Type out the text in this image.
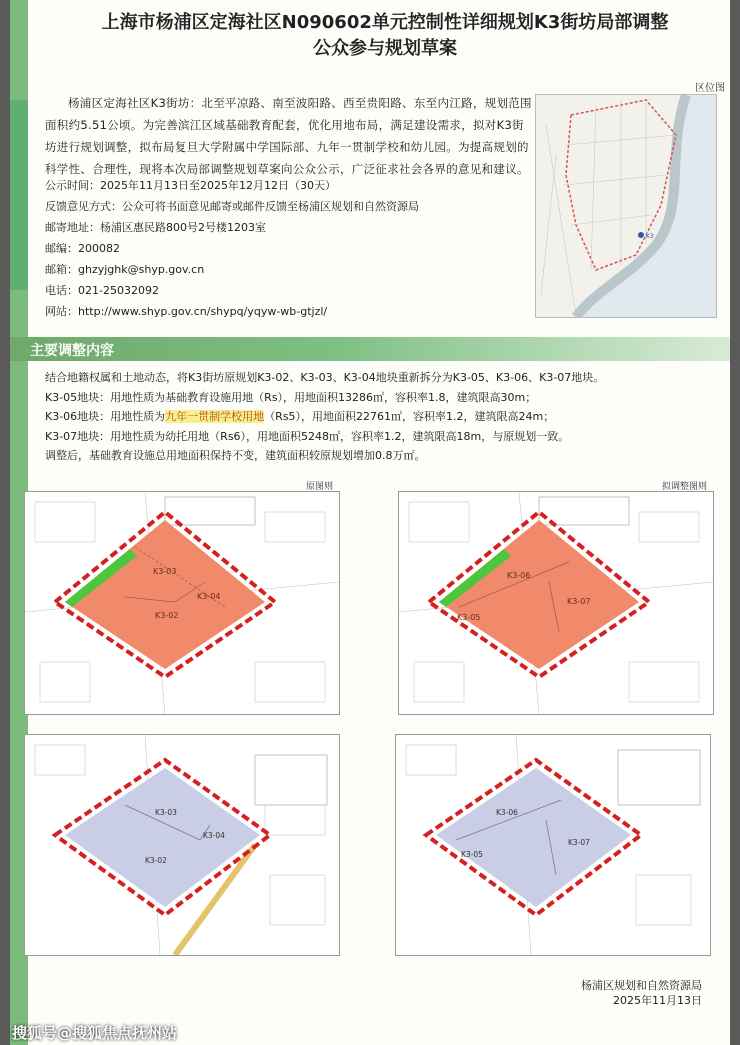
上海市杨浦区定海社区N090602单元控制性详细规划K3街坊局部调整
公众参与规划草案
杨浦区定海社区K3街坊：北至平凉路、南至波阳路、西至贵阳路、东至内江路，规划范围面积约5.51公顷。为完善滨江区域基础教育配套，优化用地布局，满足建设需求，拟对K3街坊进行规划调整，拟布局复旦大学附属中学国际部、九年一贯制学校和幼儿园。为提高规划的科学性、合理性，现将本次局部调整规划草案向公众公示，广泛征求社会各界的意见和建议。
公示时间：2025年11月13日至2025年12月12日（30天）
反馈意见方式：公众可将书面意见邮寄或邮件反馈至杨浦区规划和自然资源局
邮寄地址：杨浦区惠民路800号2号楼1203室
邮编：200082
邮箱：ghzyjghk@shyp.gov.cn
电话：021-25032092
网站：http://www.shyp.gov.cn/shypq/yqyw-wb-gtjzl/
区位图
K3
主要调整内容
结合地籍权属和土地动态，将K3街坊原规划K3-02、K3-03、K3-04地块重新拆分为K3-05、K3-06、K3-07地块。
K3-05地块：用地性质为基础教育设施用地（Rs），用地面积13286㎡，容积率1.8，建筑限高30m；
K3-06地块：用地性质为九年一贯制学校用地（Rs5），用地面积22761㎡，容积率1.2，建筑限高24m；
K3-07地块：用地性质为幼托用地（Rs6），用地面积5248㎡，容积率1.2，建筑限高18m，与原规划一致。
调整后，基础教育设施总用地面积保持不变，建筑面积较原规划增加0.8万㎡。
原图则
K3-03
K3-02
K3-04
拟调整图则
K3-06
K3-05
K3-07
K3-03
K3-02
K3-04
K3-06
K3-05
K3-07
杨浦区规划和自然资源局
2025年11月13日
搜狐号@搜狐焦点抚州站
